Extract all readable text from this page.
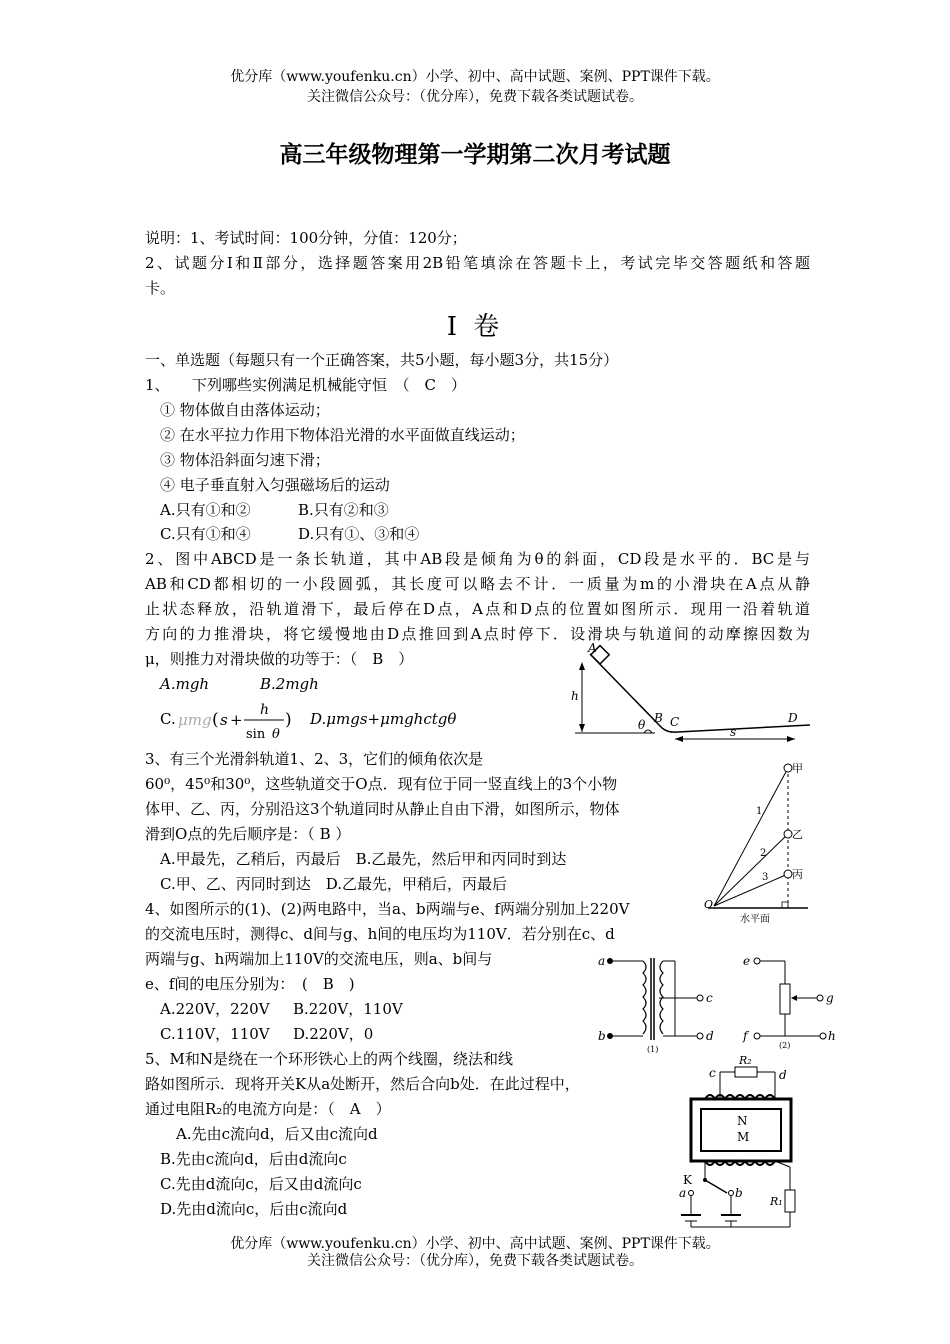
优分库（www.youfenku.cn）小学、初中、高中试题、案例、PPT课件下载。
关注微信公众号：（优分库），免费下载各类试题试卷。
高三年级物理第一学期第二次月考试题
说明：1、考试时间：100分钟，分值：120分；
2、试题分Ⅰ和Ⅱ部分，选择题答案用2B铅笔填涂在答题卡上，考试完毕交答题纸和答题
卡。
Ⅰ 卷
一、单选题（每题只有一个正确答案，共5小题，每小题3分，共15分）
1、　　下列哪些实例满足机械能守恒　（　C　）
① 物体做自由落体运动；
② 在水平拉力作用下物体沿光滑的水平面做直线运动；
③ 物体沿斜面匀速下滑；
④ 电子垂直射入匀强磁场后的运动
A.只有①和②	B.只有②和③
C.只有①和④	D.只有①、③和④
2、图中ABCD是一条长轨道，其中AB段是倾角为θ的斜面，CD段是水平的．BC是与
AB和CD都相切的一小段圆弧，其长度可以略去不计．一质量为m的小滑块在A点从静
止状态释放，沿轨道滑下，最后停在D点，A点和D点的位置如图所示．现用一沿着轨道
方向的力推滑块，将它缓慢地由D点推回到A点时停下．设滑块与轨道间的动摩擦因数为
μ，则推力对滑块做的功等于：（　B　）
A.mgh	B.2mgh
C. μmg ( s +
h
sin θ
) D.μmgs+μmghctgθ
A
h
θ B C	D
s
3、有三个光滑斜轨道1、2、3，它们的倾角依次是
60⁰，45⁰和30⁰，这些轨道交于O点．现有位于同一竖直线上的3个小物
体甲、乙、丙，分别沿这3个轨道同时从静止自由下滑，如图所示，物体
滑到O点的先后顺序是：（ B ）
A.甲最先，乙稍后，丙最后　B.乙最先，然后甲和丙同时到达
C.甲、乙、丙同时到达　D.乙最先，甲稍后，丙最后
甲
乙
丙
1
2
3
O
水平面
4、如图所示的(1)、(2)两电路中，当a、b两端与e、f两端分别加上220V
的交流电压时，测得c、d间与g、h间的电压均为110V．若分别在c、d
两端与g、h两端加上110V的交流电压，则a、b间与
e、f间的电压分别为：　(　B　)
A.220V，220V B.220V，110V
C.110V，110V D.220V，0
a
b
c
d
(1)
e
f
g
h
(2)
5、M和N是绕在一个环形铁心上的两个线圈，绕法和线
路如图所示．现将开关K从a处断开，然后合向b处．在此过程中，
通过电阻R₂的电流方向是：（　A　）
A.先由c流向d，后又由c流向d
B.先由c流向d，后由d流向c
C.先由d流向c，后又由d流向c
D.先由d流向c，后由c流向d
c
R₂
d
N
M
K
a	b
R₁
优分库（www.youfenku.cn）小学、初中、高中试题、案例、PPT课件下载。
关注微信公众号：（优分库），免费下载各类试题试卷。
